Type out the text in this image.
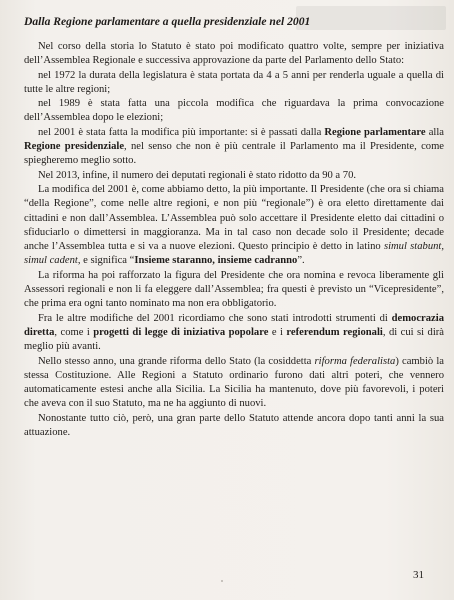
Dalla Regione parlamentare a quella presidenziale nel 2001

Nel corso della storia lo Statuto è stato poi modificato quattro volte, sempre per iniziativa dell’Assemblea Regionale e successiva approvazione da parte del Parlamento dello Stato:

nel 1972 la durata della legislatura è stata portata da 4 a 5 anni per renderla uguale a quella di tutte le altre regioni;

nel 1989 è stata fatta una piccola modifica che riguardava la prima convocazione dell’Assemblea dopo le elezioni;

nel 2001 è stata fatta la modifica più importante: si è passati dalla Regione parlamentare alla Regione presidenziale, nel senso che non è più centrale il Parlamento ma il Presidente, come spiegheremo meglio sotto.

Nel 2013, infine, il numero dei deputati regionali è stato ridotto da 90 a 70.

La modifica del 2001 è, come abbiamo detto, la più importante. Il Presidente (che ora si chiama “della Regione”, come nelle altre regioni, e non più “regionale”) è ora eletto direttamente dai cittadini e non dall’Assemblea. L’Assemblea può solo accettare il Presidente eletto dai cittadini o sfiduciarlo o dimettersi in maggioranza. Ma in tal caso non decade solo il Presidente; decade anche l’Assemblea tutta e si va a nuove elezioni. Questo principio è detto in latino simul stabunt, simul cadent, e significa “Insieme staranno, insieme cadranno”.

La riforma ha poi rafforzato la figura del Presidente che ora nomina e revoca liberamente gli Assessori regionali e non li fa eleggere dall’Assemblea; fra questi è previsto un “Vicepresidente”, che prima era ogni tanto nominato ma non era obbligatorio.

Fra le altre modifiche del 2001 ricordiamo che sono stati introdotti strumenti di democrazia diretta, come i progetti di legge di iniziativa popolare e i referendum regionali, di cui si dirà meglio più avanti.

Nello stesso anno, una grande riforma dello Stato (la cosiddetta riforma federalista) cambiò la stessa Costituzione. Alle Regioni a Statuto ordinario furono dati altri poteri, che vennero automaticamente estesi anche alla Sicilia. La Sicilia ha mantenuto, dove più favorevoli, i poteri che aveva con il suo Statuto, ma ne ha aggiunto di nuovi.

Nonostante tutto ciò, però, una gran parte dello Statuto attende ancora dopo tanti anni la sua attuazione.

31
